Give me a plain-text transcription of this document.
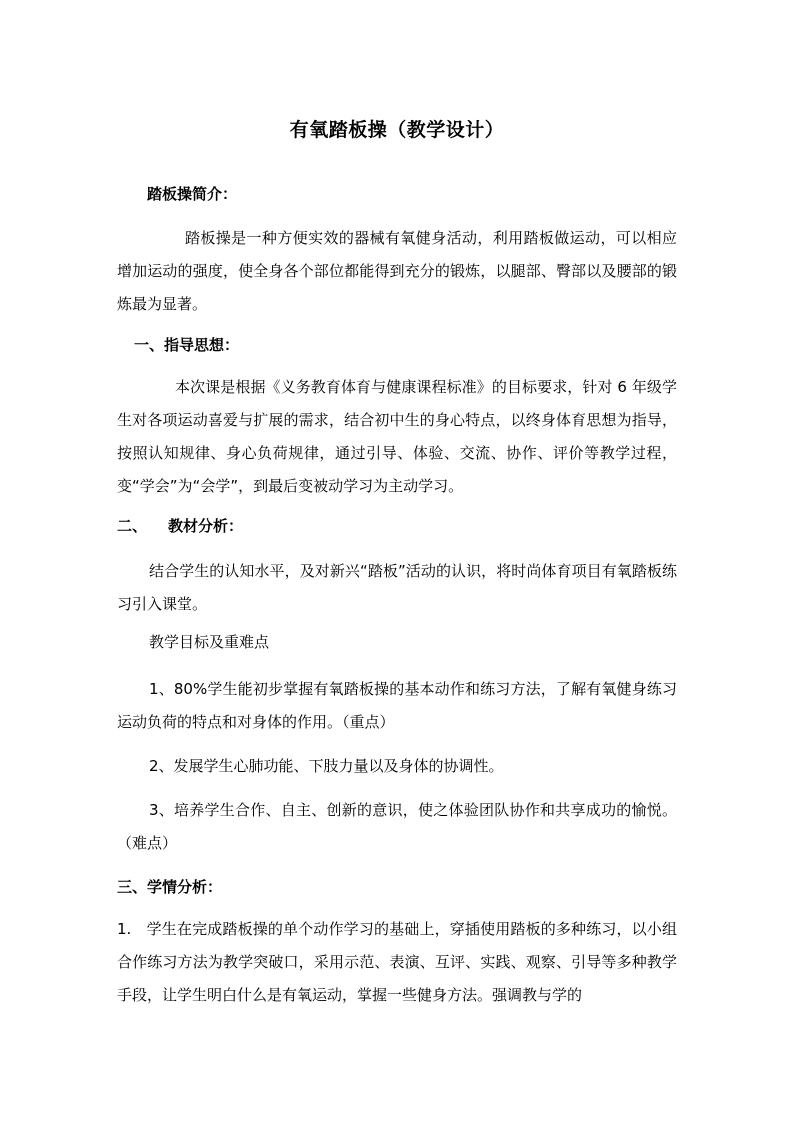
有氧踏板操（教学设计）
踏板操简介：
踏板操是一种方便实效的器械有氧健身活动，利用踏板做运动，可以相应增加运动的强度，使全身各个部位都能得到充分的锻炼，以腿部、臀部以及腰部的锻炼最为显著。
一、指导思想：
本次课是根据《义务教育体育与健康课程标准》的目标要求，针对 6 年级学生对各项运动喜爱与扩展的需求，结合初中生的身心特点，以终身体育思想为指导，按照认知规律、身心负荷规律，通过引导、体验、交流、协作、评价等教学过程，变“学会”为“会学”，到最后变被动学习为主动学习。
二、 教材分析：
结合学生的认知水平，及对新兴“踏板”活动的认识，将时尚体育项目有氧踏板练习引入课堂。
教学目标及重难点
1、80%学生能初步掌握有氧踏板操的基本动作和练习方法，了解有氧健身练习运动负荷的特点和对身体的作用。（重点）
2、发展学生心肺功能、下肢力量以及身体的协调性。
3、培养学生合作、自主、创新的意识，使之体验团队协作和共享成功的愉悦。（难点）
三、学情分析：
1.　学生在完成踏板操的单个动作学习的基础上，穿插使用踏板的多种练习，以小组合作练习方法为教学突破口，采用示范、表演、互评、实践、观察、引导等多种教学手段，让学生明白什么是有氧运动，掌握一些健身方法。强调教与学的
